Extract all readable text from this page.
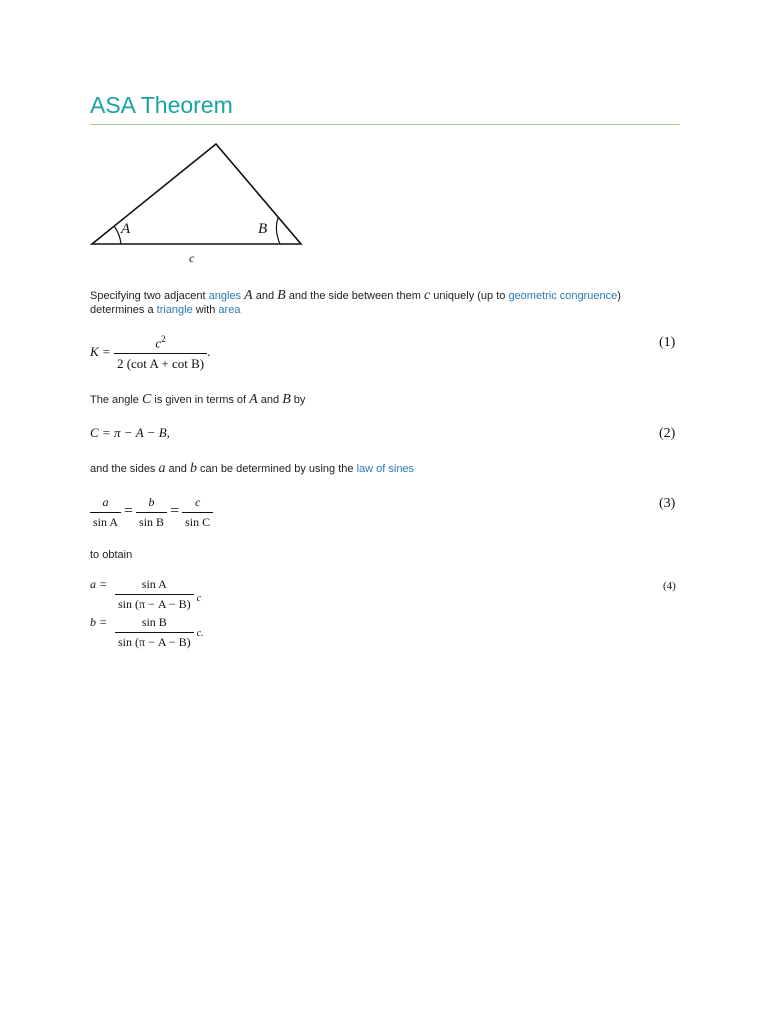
ASA Theorem
A	B
c
Specifying two adjacent angles A and B and the side between them c uniquely (up to geometric congruence)
determines a triangle with area
$K = \frac{c^2}{\text{2 (cot A + cot B)}}$ .
(1)
The angle C is given in terms of A and B by
C = π − A − B,	(2)
and the sides a and b can be determined by using the law of sines
$\frac{a}{\text{sin A}} = \frac{b}{\text{sin B}} = \frac{c}{\text{sin C}}$	(3)
to obtain
$a = \frac{\text{sin A}}{\sin (\pi - A - B)} _c$
$b = \frac{\text{sin B}}{\sin (\pi - A - B)} c$.
(4)
